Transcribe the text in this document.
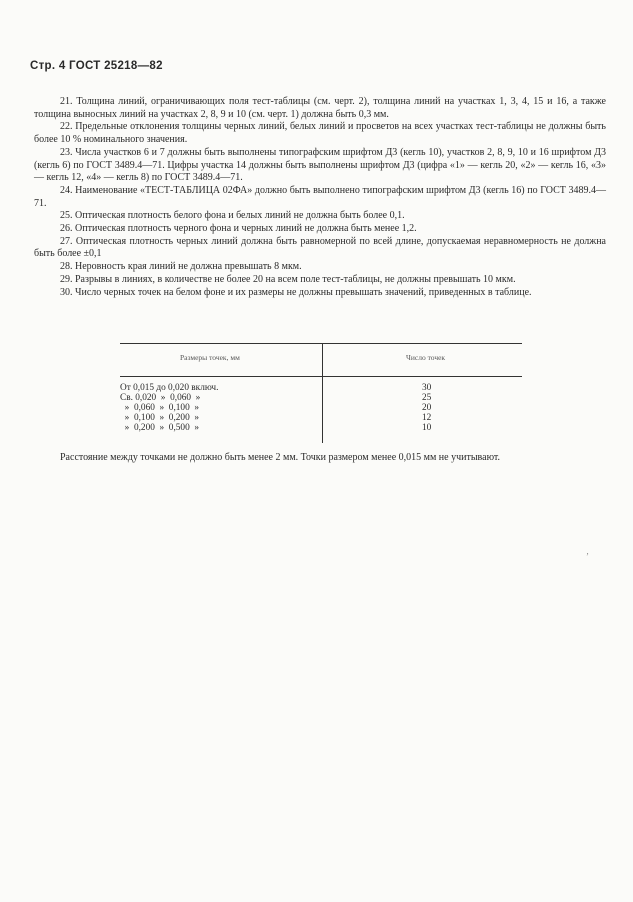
Стр. 4 ГОСТ 25218—82

21. Толщина линий, ограничивающих поля тест-таблицы (см. черт. 2), толщина линий на участках 1, 3, 4, 15 и 16, а также толщина выносных линий на участках 2, 8, 9 и 10 (см. черт. 1) должна быть 0,3 мм.

22. Предельные отклонения толщины черных линий, белых линий и просветов на всех участках тест-таблицы не должны быть более 10 % номинального значения.

23. Числа участков 6 и 7 должны быть выполнены типографским шрифтом Д3 (кегль 10), участков 2, 8, 9, 10 и 16 шрифтом Д3 (кегль 6) по ГОСТ 3489.4—71. Цифры участка 14 должны быть выполнены шрифтом Д3 (цифра «1» — кегль 20, «2» — кегль 16, «3» — кегль 12, «4» — кегль 8) по ГОСТ 3489.4—71.

24. Наименование «ТЕСТ-ТАБЛИЦА 02ФА» должно быть выполнено типографским шрифтом Д3 (кегль 16) по ГОСТ 3489.4—71.

25. Оптическая плотность белого фона и белых линий не должна быть более 0,1.

26. Оптическая плотность черного фона и черных линий не должна быть менее 1,2.

27. Оптическая плотность черных линий должна быть равномерной по всей длине, допускаемая неравномерность не должна быть более ±0,1

28. Неровность края линий не должна превышать 8 мкм.

29. Разрывы в линиях, в количестве не более 20 на всем поле тест-таблицы, не должны превышать 10 мкм.

30. Число черных точек на белом фоне и их размеры не должны превышать значений, приведенных в таблице.

Размеры точек, мм	Число точек
От 0,015 до 0,020 включ.	30
Св. 0,020  »  0,060  »	25
»  0,060  »  0,100  »	20
»  0,100  »  0,200  »	12
»  0,200  »  0,500  »	10

Расстояние между точками не должно быть менее 2 мм. Точки размером менее 0,015 мм не учитывают.

‚
